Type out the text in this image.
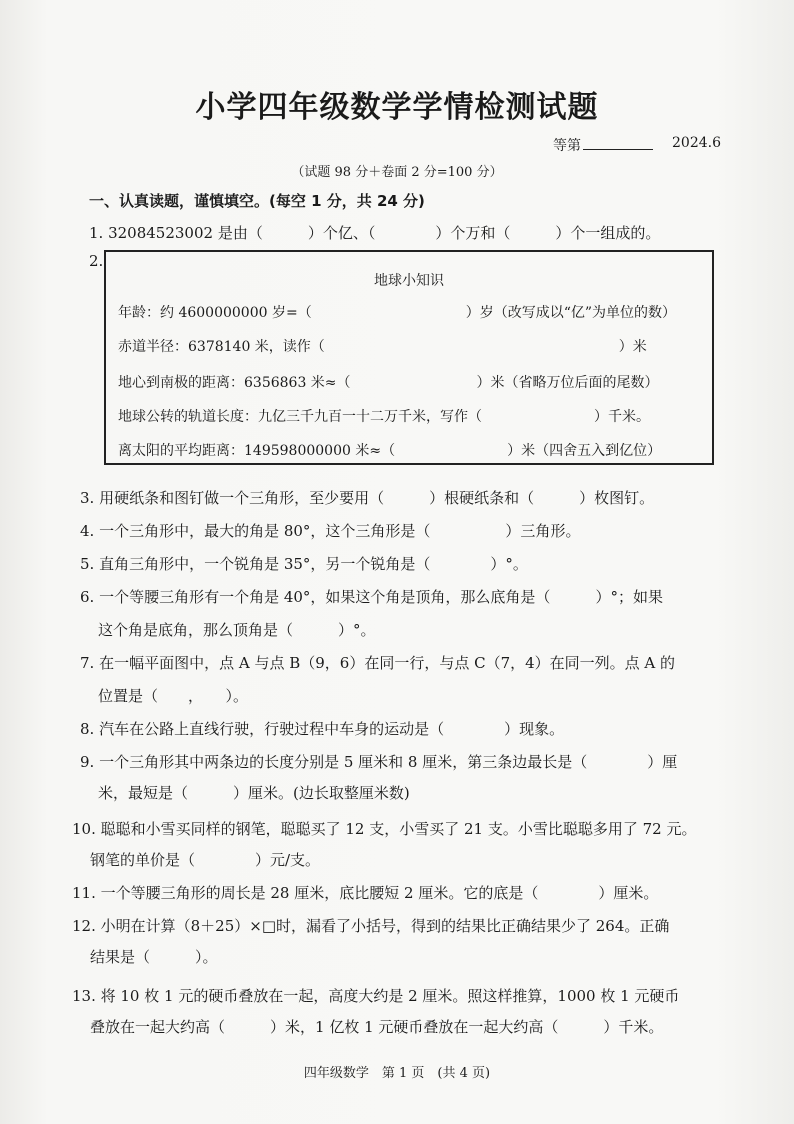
小学四年级数学学情检测试题
等第	2024.6
（试题 98 分＋卷面 2 分=100 分）
一、认真读题，谨慎填空。(每空 1 分，共 24 分)
1. 32084523002 是由（　　　）个亿、（　　　　）个万和（　　　）个一组成的。
2.
地球小知识
年龄：约 4600000000 岁=（　　　　　　　　　　　）岁（改写成以“亿”为单位的数）
赤道半径：6378140 米，读作（　　　　　　　　　　　　　　　　　　　　　）米
地心到南极的距离：6356863 米≈（　　　　　　　　　）米（省略万位后面的尾数）
地球公转的轨道长度：九亿三千九百一十二万千米，写作（　　　　　　　　）千米。
离太阳的平均距离：149598000000 米≈（　　　　　　　　）米（四舍五入到亿位）
3. 用硬纸条和图钉做一个三角形，至少要用（　　　）根硬纸条和（　　　）枚图钉。
4. 一个三角形中，最大的角是 80°，这个三角形是（　　　　　）三角形。
5. 直角三角形中，一个锐角是 35°，另一个锐角是（　　　　）°。
6. 一个等腰三角形有一个角是 40°，如果这个角是顶角，那么底角是（　　　）°；如果
这个角是底角，那么顶角是（　　　）°。
7. 在一幅平面图中，点 A 与点 B（9，6）在同一行，与点 C（7，4）在同一列。点 A 的
位置是（　　，　　）。
8. 汽车在公路上直线行驶，行驶过程中车身的运动是（　　　　）现象。
9. 一个三角形其中两条边的长度分别是 5 厘米和 8 厘米，第三条边最长是（　　　　）厘
米，最短是（　　　）厘米。(边长取整厘米数)
10. 聪聪和小雪买同样的钢笔，聪聪买了 12 支，小雪买了 21 支。小雪比聪聪多用了 72 元。
钢笔的单价是（　　　　）元/支。
11. 一个等腰三角形的周长是 28 厘米，底比腰短 2 厘米。它的底是（　　　　）厘米。
12. 小明在计算（8＋25）×□时，漏看了小括号，得到的结果比正确结果少了 264。正确
结果是（　　　）。
13. 将 10 枚 1 元的硬币叠放在一起，高度大约是 2 厘米。照这样推算，1000 枚 1 元硬币
叠放在一起大约高（　　　）米，1 亿枚 1 元硬币叠放在一起大约高（　　　）千米。
四年级数学　第 1 页　(共 4 页)
